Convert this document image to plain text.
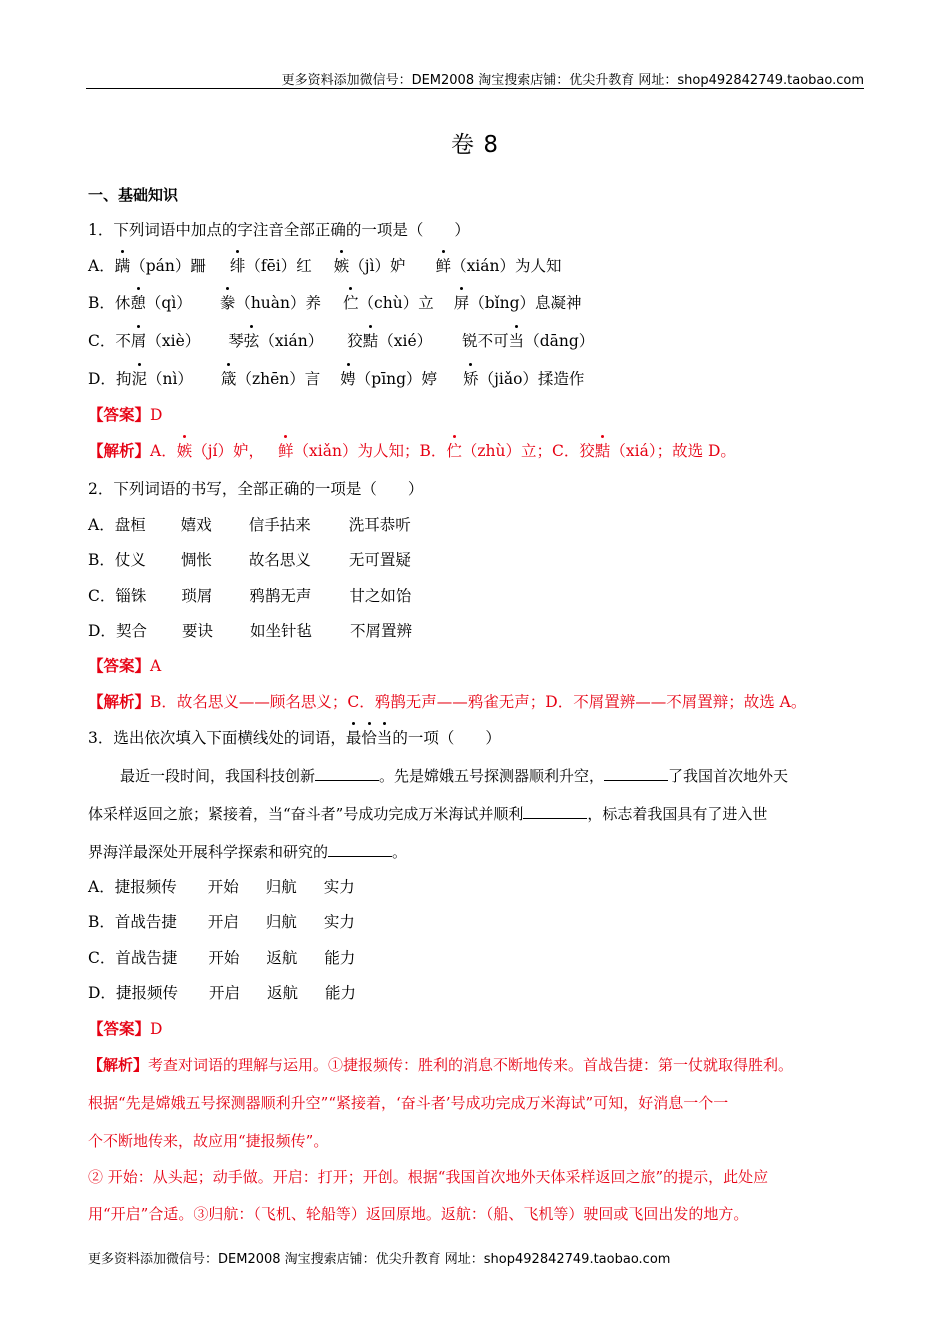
更多资料添加微信号：DEM2008 淘宝搜索店铺：优尖升教育 网址：shop492842749.taobao.com
卷 8
一、基础知识
1．下列词语中加点的字注音全部正确的一项是（　　）
A．蹒（pán）跚 绯（fēi）红 嫉（jì）妒 鲜（xián）为人知
B．休憩（qì） 豢（huàn）养 伫（chù）立 屏（bǐng）息凝神
C．不屑（xiè） 琴弦（xián） 狡黠（xié） 锐不可当（dāng）
D．拘泥（nì） 箴（zhēn）言 娉（pīng）婷 矫（jiǎo）揉造作
【答案】D
【解析】A．嫉（jí）妒， 鲜（xiǎn）为人知；B．伫（zhù）立；C．狡黠（xiá）；故选 D。
2．下列词语的书写，全部正确的一项是（　　）
A．盘桓 嬉戏 信手拈来 洗耳恭听
B．仗义 惆怅 故名思义 无可置疑
C．锱铢 琐屑 鸦鹊无声 甘之如饴
D．契合 要诀 如坐针毡 不屑置辨
【答案】A
【解析】B．故名思义——顾名思义；C．鸦鹊无声——鸦雀无声；D．不屑置辨——不屑置辩；故选 A。
3．选出依次填入下面横线处的词语，最恰当的一项（　　）
最近一段时间，我国科技创新	。先是嫦娥五号探测器顺利升空，	了我国首次地外天
体采样返回之旅；紧接着，当“奋斗者”号成功完成万米海试并顺利	，标志着我国具有了进入世
界海洋最深处开展科学探索和研究的	。
A．捷报频传 开始 归航 实力
B．首战告捷 开启 归航 实力
C．首战告捷 开始 返航 能力
D．捷报频传 开启 返航 能力
【答案】D
【解析】考查对词语的理解与运用。①捷报频传：胜利的消息不断地传来。首战告捷：第一仗就取得胜利。
根据“先是嫦娥五号探测器顺利升空”“紧接着，‘奋斗者’号成功完成万米海试”可知，好消息一个一
个不断地传来，故应用“捷报频传”。
② 开始：从头起；动手做。开启：打开；开创。根据“我国首次地外天体采样返回之旅”的提示，此处应
用“开启”合适。③归航：（飞机、轮船等）返回原地。返航：（船、飞机等）驶回或飞回出发的地方。
更多资料添加微信号：DEM2008 淘宝搜索店铺：优尖升教育 网址：shop492842749.taobao.com
